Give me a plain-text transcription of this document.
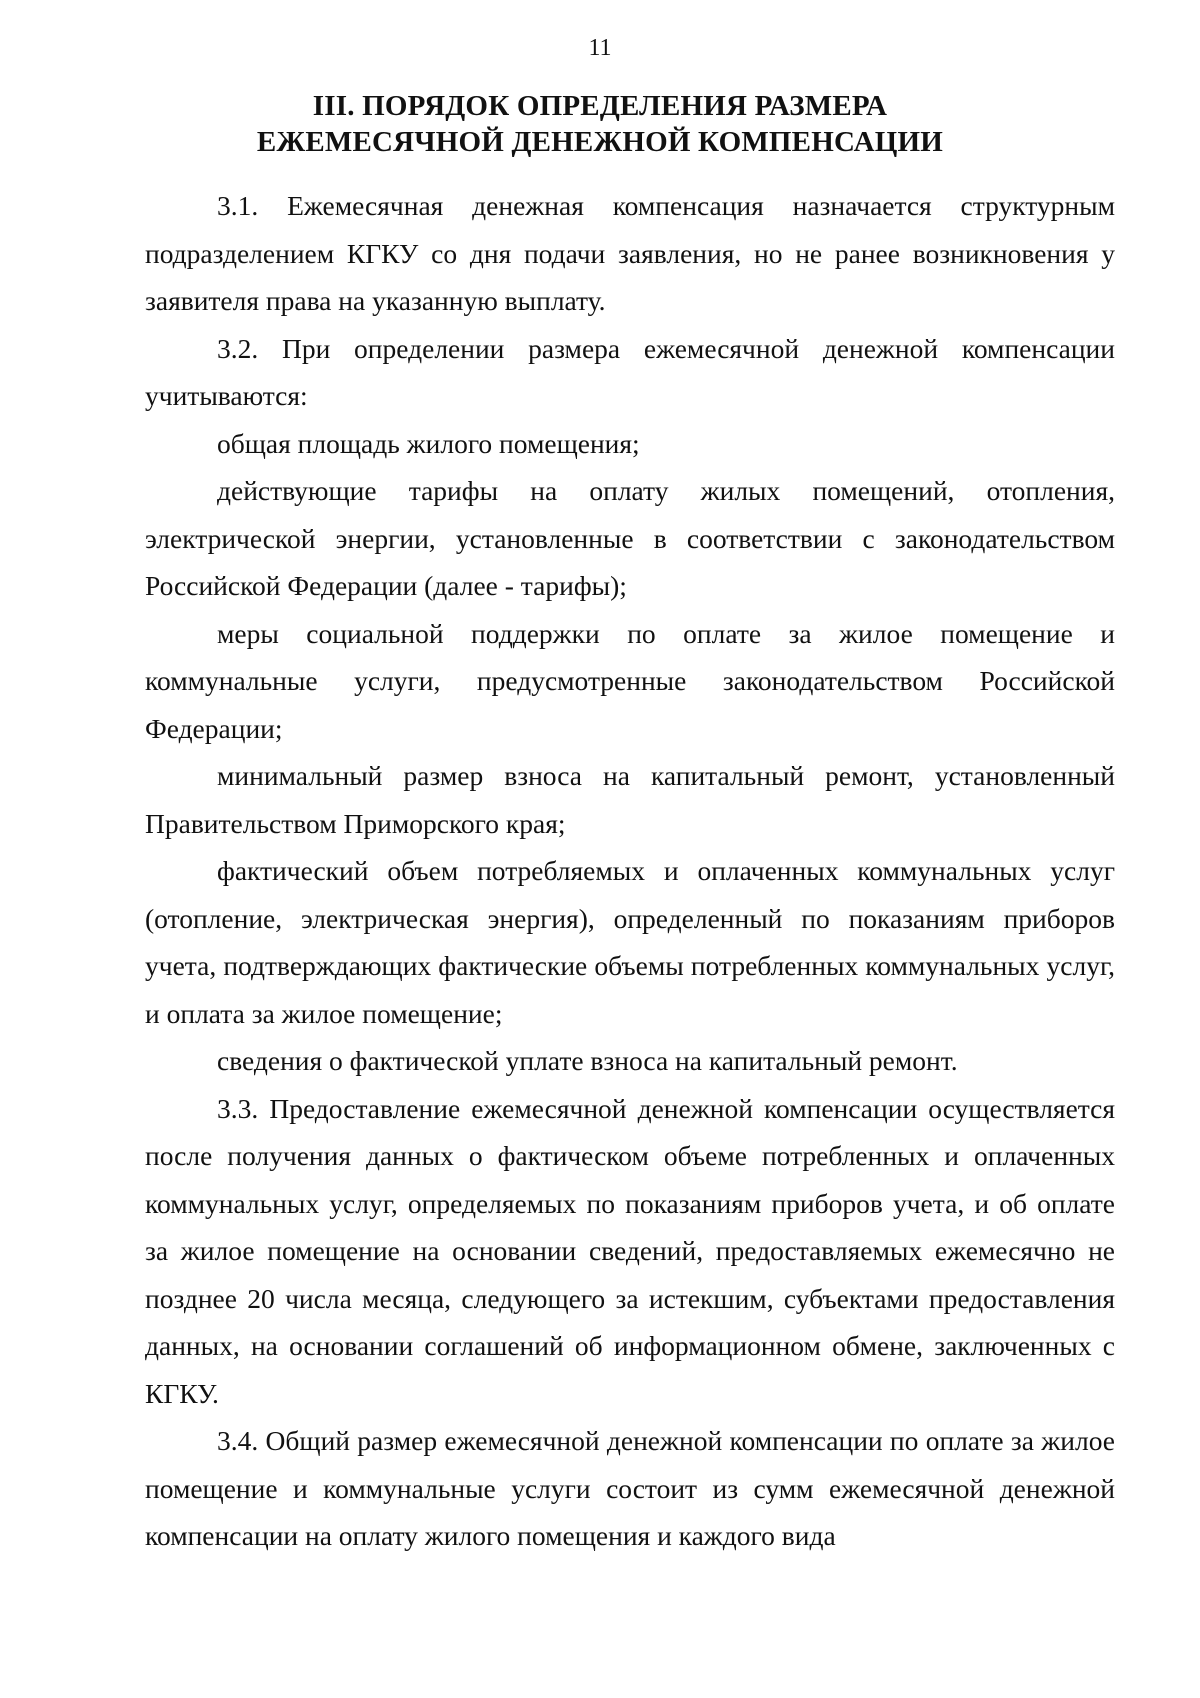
11
III. ПОРЯДОК ОПРЕДЕЛЕНИЯ РАЗМЕРА
ЕЖЕМЕСЯЧНОЙ ДЕНЕЖНОЙ КОМПЕНСАЦИИ

3.1. Ежемесячная денежная компенсация назначается структурным подразделением КГКУ со дня подачи заявления, но не ранее возникновения у заявителя права на указанную выплату.

3.2. При определении размера ежемесячной денежной компенсации учитываются:

общая площадь жилого помещения;

действующие тарифы на оплату жилых помещений, отопления, электрической энергии, установленные в соответствии с законодательством Российской Федерации (далее - тарифы);

меры социальной поддержки по оплате за жилое помещение и коммунальные услуги, предусмотренные законодательством Российской Федерации;

минимальный размер взноса на капитальный ремонт, установленный Правительством Приморского края;

фактический объем потребляемых и оплаченных коммунальных услуг (отопление, электрическая энергия), определенный по показаниям приборов учета, подтверждающих фактические объемы потребленных коммунальных услуг, и оплата за жилое помещение;

сведения о фактической уплате взноса на капитальный ремонт.

3.3. Предоставление ежемесячной денежной компенсации осуществляется после получения данных о фактическом объеме потребленных и оплаченных коммунальных услуг, определяемых по показаниям приборов учета, и об оплате за жилое помещение на основании сведений, предоставляемых ежемесячно не позднее 20 числа месяца, следующего за истекшим, субъектами предоставления данных, на основании соглашений об информационном обмене, заключенных с КГКУ.

3.4. Общий размер ежемесячной денежной компенсации по оплате за жилое помещение и коммунальные услуги состоит из сумм ежемесячной денежной компенсации на оплату жилого помещения и каждого вида
